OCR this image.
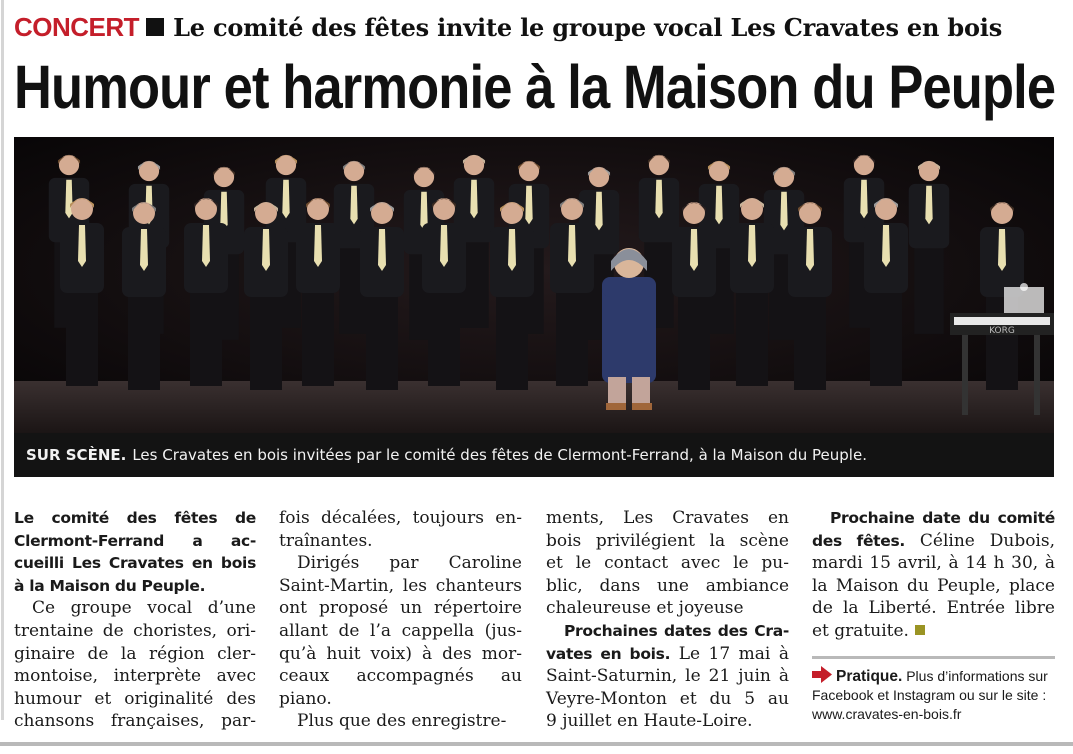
CONCERT Le comité des fêtes invite le groupe vocal Les Cravates en bois
Humour et harmonie à la Maison du Peuple
KORG
SUR SCÈNE. Les Cravates en bois invitées par le comité des fêtes de Clermont-Ferrand, à la Maison du Peuple.
Le comité des fêtes de
Clermont-Ferrand a ac-
cueilli Les Cravates en bois
à la Maison du Peuple.
Ce groupe vocal d’une
trentaine de choristes, ori-
ginaire de la région cler-
montoise, interprète avec
humour et originalité des
chansons françaises, par-
fois décalées, toujours en-
traînantes.
Dirigés par Caroline
Saint-Martin, les chanteurs
ont proposé un répertoire
allant de l’a cappella (jus-
qu’à huit voix) à des mor-
ceaux accompagnés au
piano.
Plus que des enregistre-
ments, Les Cravates en
bois privilégient la scène
et le contact avec le pu-
blic, dans une ambiance
chaleureuse et joyeuse
Prochaines dates des Cra-
vates en bois. Le 17 mai à
Saint-Saturnin, le 21 juin à
Veyre-Monton et du 5 au
9 juillet en Haute-Loire.
Prochaine date du comité
des fêtes. Céline Dubois,
mardi 15 avril, à 14 h 30, à
la Maison du Peuple, place
de la Liberté. Entrée libre
et gratuite.
Pratique. Plus d’informations sur
Facebook et Instagram ou sur le site :
www.cravates-en-bois.fr
